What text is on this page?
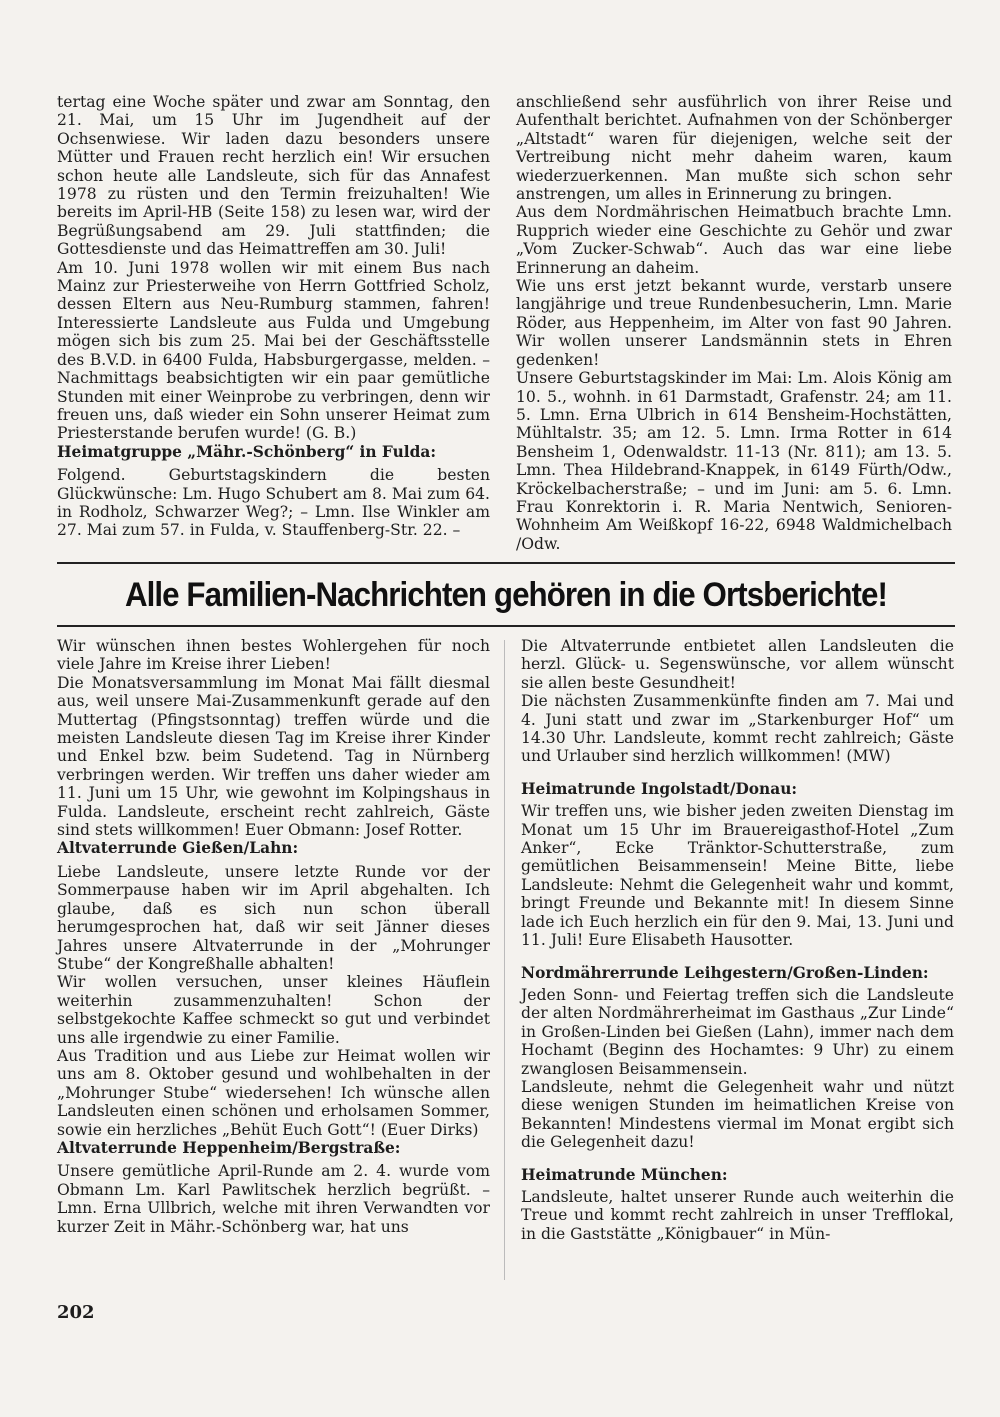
tertag eine Woche später und zwar am Sonntag, den 21. Mai, um 15 Uhr im Jugendheit auf der Ochsenwiese. Wir laden dazu besonders unsere Mütter und Frauen recht herzlich ein! Wir ersuchen schon heute alle Landsleute, sich für das Annafest 1978 zu rüsten und den Termin freizuhalten! Wie bereits im April-HB (Seite 158) zu lesen war, wird der Begrüßungsabend am 29. Juli stattfinden; die Gottesdienste und das Heimattreffen am 30. Juli!

Am 10. Juni 1978 wollen wir mit einem Bus nach Mainz zur Priesterweihe von Herrn Gottfried Scholz, dessen Eltern aus Neu-Rumburg stammen, fahren! Interessierte Landsleute aus Fulda und Umgebung mögen sich bis zum 25. Mai bei der Geschäftsstelle des B.V.D. in 6400 Fulda, Habsburgergasse, melden. – Nachmittags beabsichtigten wir ein paar gemütliche Stunden mit einer Weinprobe zu verbringen, denn wir freuen uns, daß wieder ein Sohn unserer Heimat zum Priesterstande berufen wurde! (G. B.)

Heimatgruppe „Mähr.-Schönberg“ in Fulda:

Folgend. Geburtstagskindern die besten Glückwünsche: Lm. Hugo Schubert am 8. Mai zum 64. in Rodholz, Schwarzer Weg?; – Lmn. Ilse Winkler am 27. Mai zum 57. in Fulda, v. Stauffenberg-Str. 22. –

anschließend sehr ausführlich von ihrer Reise und Aufenthalt berichtet. Aufnahmen von der Schönberger „Altstadt“ waren für diejenigen, welche seit der Vertreibung nicht mehr daheim waren, kaum wiederzuerkennen. Man mußte sich schon sehr anstrengen, um alles in Erinnerung zu bringen.

Aus dem Nordmährischen Heimatbuch brachte Lmn. Rupprich wieder eine Geschichte zu Gehör und zwar „Vom Zucker-Schwab“. Auch das war eine liebe Erinnerung an daheim.

Wie uns erst jetzt bekannt wurde, verstarb unsere langjährige und treue Rundenbesucherin, Lmn. Marie Röder, aus Heppenheim, im Alter von fast 90 Jahren. Wir wollen unserer Landsmännin stets in Ehren gedenken!

Unsere Geburtstagskinder im Mai: Lm. Alois König am 10. 5., wohnh. in 61 Darmstadt, Grafenstr. 24; am 11. 5. Lmn. Erna Ulbrich in 614 Bensheim-Hochstätten, Mühltalstr. 35; am 12. 5. Lmn. Irma Rotter in 614 Bensheim 1, Odenwaldstr. 11-13 (Nr. 811); am 13. 5. Lmn. Thea Hildebrand-Knappek, in 6149 Fürth/Odw., Kröckelbacherstraße; – und im Juni: am 5. 6. Lmn. Frau Konrektorin i. R. Maria Nentwich, Senioren-Wohnheim Am Weißkopf 16-22, 6948 Waldmichelbach /Odw.

Alle Familien-Nachrichten gehören in die Ortsberichte!

Wir wünschen ihnen bestes Wohlergehen für noch viele Jahre im Kreise ihrer Lieben!

Die Monatsversammlung im Monat Mai fällt diesmal aus, weil unsere Mai-Zusammenkunft gerade auf den Muttertag (Pfingstsonntag) treffen würde und die meisten Landsleute diesen Tag im Kreise ihrer Kinder und Enkel bzw. beim Sudetend. Tag in Nürnberg verbringen werden. Wir treffen uns daher wieder am 11. Juni um 15 Uhr, wie gewohnt im Kolpingshaus in Fulda. Landsleute, erscheint recht zahlreich, Gäste sind stets willkommen! Euer Obmann: Josef Rotter.

Altvaterrunde Gießen/Lahn:

Liebe Landsleute, unsere letzte Runde vor der Sommerpause haben wir im April abgehalten. Ich glaube, daß es sich nun schon überall herumgesprochen hat, daß wir seit Jänner dieses Jahres unsere Altvaterrunde in der „Mohrunger Stube“ der Kongreßhalle abhalten!

Wir wollen versuchen, unser kleines Häuflein weiterhin zusammenzuhalten! Schon der selbstgekochte Kaffee schmeckt so gut und verbindet uns alle irgendwie zu einer Familie.

Aus Tradition und aus Liebe zur Heimat wollen wir uns am 8. Oktober gesund und wohlbehalten in der „Mohrunger Stube“ wiedersehen! Ich wünsche allen Landsleuten einen schönen und erholsamen Sommer, sowie ein herzliches „Behüt Euch Gott“! (Euer Dirks)

Altvaterrunde Heppenheim/Bergstraße:

Unsere gemütliche April-Runde am 2. 4. wurde vom Obmann Lm. Karl Pawlitschek herzlich begrüßt. – Lmn. Erna Ullbrich, welche mit ihren Verwandten vor kurzer Zeit in Mähr.-Schönberg war, hat uns

Die Altvaterrunde entbietet allen Landsleuten die herzl. Glück- u. Segenswünsche, vor allem wünscht sie allen beste Gesundheit!

Die nächsten Zusammenkünfte finden am 7. Mai und 4. Juni statt und zwar im „Starkenburger Hof“ um 14.30 Uhr. Landsleute, kommt recht zahlreich; Gäste und Urlauber sind herzlich willkommen! (MW)

Heimatrunde Ingolstadt/Donau:

Wir treffen uns, wie bisher jeden zweiten Dienstag im Monat um 15 Uhr im Brauereigasthof-Hotel „Zum Anker“, Ecke Tränktor-Schutterstraße, zum gemütlichen Beisammensein! Meine Bitte, liebe Landsleute: Nehmt die Gelegenheit wahr und kommt, bringt Freunde und Bekannte mit! In diesem Sinne lade ich Euch herzlich ein für den 9. Mai, 13. Juni und 11. Juli! Eure Elisabeth Hausotter.

Nordmährerrunde Leihgestern/Großen-Linden:

Jeden Sonn- und Feiertag treffen sich die Landsleute der alten Nordmährerheimat im Gasthaus „Zur Linde“ in Großen-Linden bei Gießen (Lahn), immer nach dem Hochamt (Beginn des Hochamtes: 9 Uhr) zu einem zwanglosen Beisammensein.

Landsleute, nehmt die Gelegenheit wahr und nützt diese wenigen Stunden im heimatlichen Kreise von Bekannten! Mindestens viermal im Monat ergibt sich die Gelegenheit dazu!

Heimatrunde München:

Landsleute, haltet unserer Runde auch weiterhin die Treue und kommt recht zahlreich in unser Trefflokal, in die Gaststätte „Königbauer“ in Mün-

202
